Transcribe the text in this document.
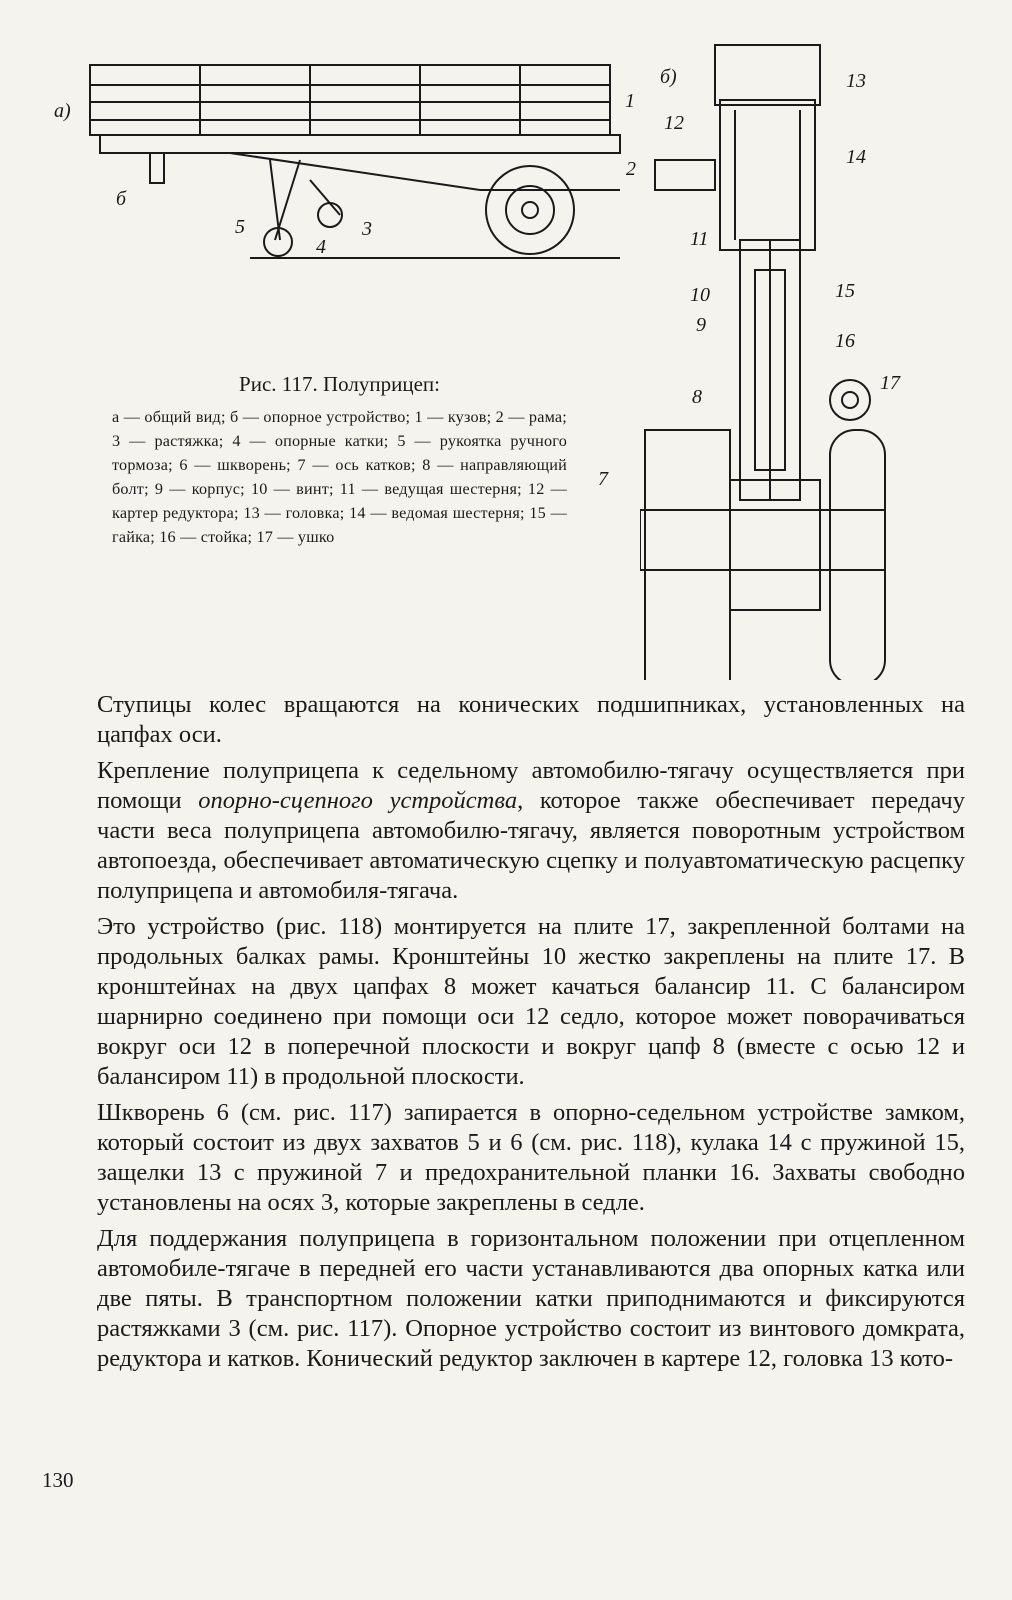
а)	1
2
3
4
5
б
б)	13
12
14
11
10	15
9
16
17
8
7
Рис. 117. Полуприцеп:
а — общий вид; б — опорное устройство; 1 — кузов; 2 — рама; 3 — растяжка; 4 — опорные катки; 5 — рукоятка ручного тормоза; 6 — шкворень; 7 — ось катков; 8 — направляющий болт; 9 — корпус; 10 — винт; 11 — ведущая шестерня; 12 — картер редуктора; 13 — головка; 14 — ведомая шестерня; 15 — гайка; 16 — стойка; 17 — ушко

Ступицы колес вращаются на конических подшипниках, установленных на цапфах оси.

Крепление полуприцепа к седельному автомобилю-тягачу осуществляется при помощи опорно-сцепного устройства, которое также обеспечивает передачу части веса полуприцепа автомобилю-тягачу, является поворотным устройством автопоезда, обеспечивает автоматическую сцепку и полуавтоматическую расцепку полуприцепа и автомобиля-тягача.

Это устройство (рис. 118) монтируется на плите 17, закрепленной болтами на продольных балках рамы. Кронштейны 10 жестко закреплены на плите 17. В кронштейнах на двух цапфах 8 может качаться балансир 11. С балансиром шарнирно соединено при помощи оси 12 седло, которое может поворачиваться вокруг оси 12 в поперечной плоскости и вокруг цапф 8 (вместе с осью 12 и балансиром 11) в продольной плоскости.

Шкворень 6 (см. рис. 117) запирается в опорно-седельном устройстве замком, который состоит из двух захватов 5 и 6 (см. рис. 118), кулака 14 с пружиной 15, защелки 13 с пружиной 7 и предохранительной планки 16. Захваты свободно установлены на осях 3, которые закреплены в седле.

Для поддержания полуприцепа в горизонтальном положении при отцепленном автомобиле-тягаче в передней его части устанавливаются два опорных катка или две пяты. В транспортном положении катки приподнимаются и фиксируются растяжками 3 (см. рис. 117). Опорное устройство состоит из винтового домкрата, редуктора и катков. Конический редуктор заключен в картере 12, головка 13 кото-

130
